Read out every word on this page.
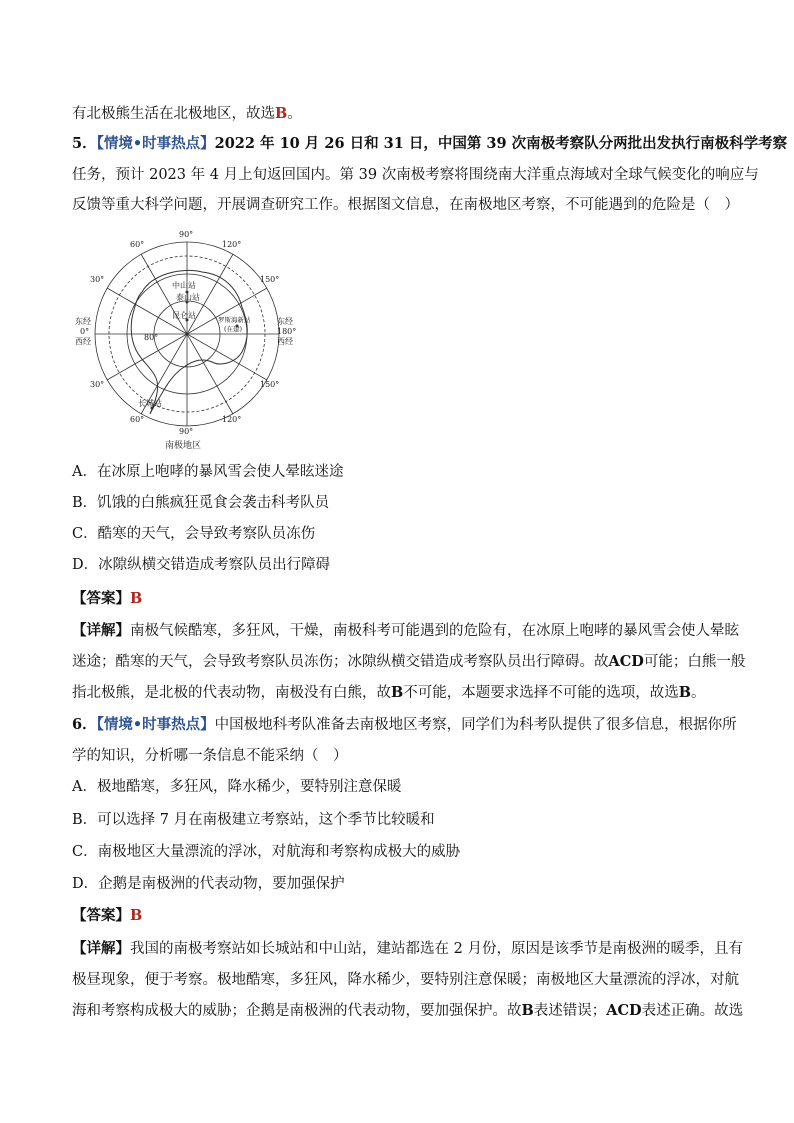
有北极熊生活在北极地区，故选B。
5．【情境•时事热点】2022 年 10 月 26 日和 31 日，中国第 39 次南极考察队分两批出发执行南极科学考察
任务，预计 2023 年 4 月上旬返回国内。第 39 次南极考察将围绕南大洋重点海域对全球气候变化的响应与
反馈等重大科学问题，开展调查研究工作。根据图文信息，在南极地区考察，不可能遇到的危险是（　）
90°
120°
150°
60°
30°
东经
0°
西经
东经
180°
西经
30°
60°
150°
120°
90°
80°
中山站
泰山站
昆仑站	罗斯海新站
(在建)
长城站
南极地区
A．在冰原上咆哮的暴风雪会使人晕眩迷途
B．饥饿的白熊疯狂觅食会袭击科考队员
C．酷寒的天气，会导致考察队员冻伤
D．冰隙纵横交错造成考察队员出行障碍
【答案】B
【详解】南极气候酷寒，多狂风，干燥，南极科考可能遇到的危险有，在冰原上咆哮的暴风雪会使人晕眩
迷途；酷寒的天气，会导致考察队员冻伤；冰隙纵横交错造成考察队员出行障碍。故ACD可能；白熊一般
指北极熊，是北极的代表动物，南极没有白熊，故B不可能，本题要求选择不可能的选项，故选B。
6．【情境•时事热点】中国极地科考队准备去南极地区考察，同学们为科考队提供了很多信息，根据你所
学的知识，分析哪一条信息不能采纳（　）
A．极地酷寒，多狂风，降水稀少，要特别注意保暖
B．可以选择 7 月在南极建立考察站，这个季节比较暖和
C．南极地区大量漂流的浮冰，对航海和考察构成极大的威胁
D．企鹅是南极洲的代表动物，要加强保护
【答案】B
【详解】我国的南极考察站如长城站和中山站，建站都选在 2 月份，原因是该季节是南极洲的暖季，且有
极昼现象，便于考察。极地酷寒，多狂风，降水稀少，要特别注意保暖；南极地区大量漂流的浮冰，对航
海和考察构成极大的威胁；企鹅是南极洲的代表动物，要加强保护。故B表述错误；ACD表述正确。故选
